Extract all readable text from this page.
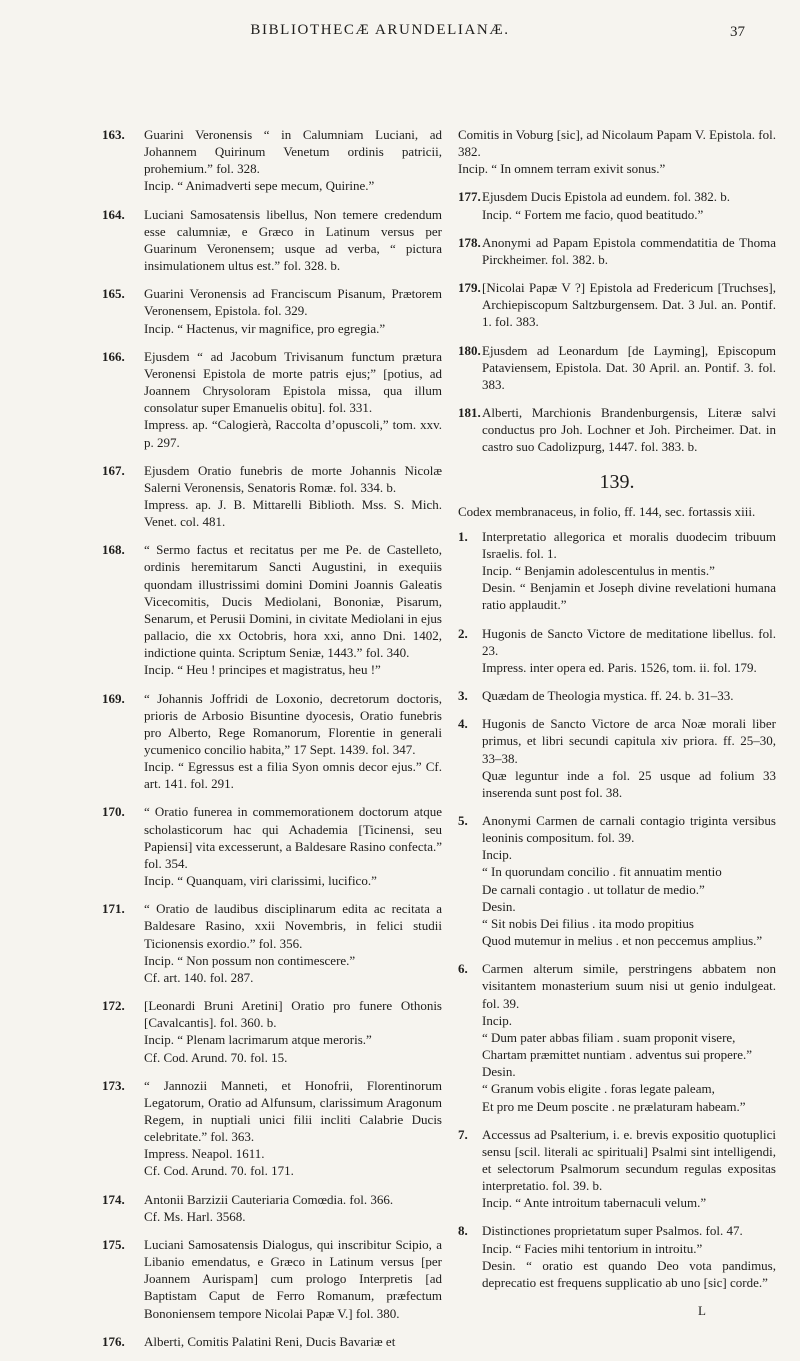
BIBLIOTHECÆ ARUNDELIANÆ.	37
163. Guarini Veronensis “ in Calumniam Luciani, ad Johannem Quirinum Venetum ordinis patricii, prohemium.” fol. 328.
Incip. “ Animadverti sepe mecum, Quirine.”
164. Luciani Samosatensis libellus, Non temere credendum esse calumniæ, e Græco in Latinum versus per Guarinum Veronensem; usque ad verba, “ pictura insimulationem ultus est.” fol. 328. b.
165. Guarini Veronensis ad Franciscum Pisanum, Prætorem Veronensem, Epistola. fol. 329.
Incip. “ Hactenus, vir magnifice, pro egregia.”
166. Ejusdem “ ad Jacobum Trivisanum functum prætura Veronensi Epistola de morte patris ejus;” [potius, ad Joannem Chrysoloram Epistola missa, qua illum consolatur super Emanuelis obitu]. fol. 331.
Impress. ap. “Calogierà, Raccolta d’opuscoli,” tom. xxv. p. 297.
167. Ejusdem Oratio funebris de morte Johannis Nicolæ Salerni Veronensis, Senatoris Romæ. fol. 334. b.
Impress. ap. J. B. Mittarelli Biblioth. Mss. S. Mich. Venet. col. 481.
168. “ Sermo factus et recitatus per me Pe. de Castelleto, ordinis heremitarum Sancti Augustini, in exequiis quondam illustrissimi domini Domini Joannis Galeatis Vicecomitis, Ducis Mediolani, Bononiæ, Pisarum, Senarum, et Perusii Domini, in civitate Mediolani in ejus pallacio, die xx Octobris, hora xxi, anno Dni. 1402, indictione quinta. Scriptum Seniæ, 1443.” fol. 340.
Incip. “ Heu ! principes et magistratus, heu !”
169. “ Johannis Joffridi de Loxonio, decretorum doctoris, prioris de Arbosio Bisuntine dyocesis, Oratio funebris pro Alberto, Rege Romanorum, Florentie in generali ycumenico concilio habita,” 17 Sept. 1439. fol. 347.
Incip. “ Egressus est a filia Syon omnis decor ejus.” Cf. art. 141. fol. 291.
170. “ Oratio funerea in commemorationem doctorum atque scholasticorum hac qui Achademia [Ticinensi, seu Papiensi] vita excesserunt, a Baldesare Rasino confecta.” fol. 354.
Incip. “ Quanquam, viri clarissimi, lucifico.”
171. “ Oratio de laudibus disciplinarum edita ac recitata a Baldesare Rasino, xxii Novembris, in felici studii Ticionensis exordio.” fol. 356.
Incip. “ Non possum non contimescere.”
Cf. art. 140. fol. 287.
172. [Leonardi Bruni Aretini] Oratio pro funere Othonis [Cavalcantis]. fol. 360. b.
Incip. “ Plenam lacrimarum atque meroris.”
Cf. Cod. Arund. 70. fol. 15.
173. “ Jannozii Manneti, et Honofrii, Florentinorum Legatorum, Oratio ad Alfunsum, clarissimum Aragonum Regem, in nuptiali unici filii incliti Calabrie Ducis celebritate.” fol. 363.
Impress. Neapol. 1611.
Cf. Cod. Arund. 70. fol. 171.
174. Antonii Barzizii Cauteriaria Comœdia. fol. 366.
Cf. Ms. Harl. 3568.
175. Luciani Samosatensis Dialogus, qui inscribitur Scipio, a Libanio emendatus, e Græco in Latinum versus [per Joannem Aurispam] cum prologo Interpretis [ad Baptistam Caput de Ferro Romanum, præfectum Bononiensem tempore Nicolai Papæ V.] fol. 380.
176. Alberti, Comitis Palatini Reni, Ducis Bavariæ et
Comitis in Voburg [sic], ad Nicolaum Papam V. Epistola. fol. 382.
Incip. “ In omnem terram exivit sonus.”
177. Ejusdem Ducis Epistola ad eundem. fol. 382. b.
Incip. “ Fortem me facio, quod beatitudo.”
178. Anonymi ad Papam Epistola commendatitia de Thoma Pirckheimer. fol. 382. b.
179. [Nicolai Papæ V ?] Epistola ad Fredericum [Truchses], Archiepiscopum Saltzburgensem. Dat. 3 Jul. an. Pontif. 1. fol. 383.
180. Ejusdem ad Leonardum [de Layming], Episcopum Pataviensem, Epistola. Dat. 30 April. an. Pontif. 3. fol. 383.
181. Alberti, Marchionis Brandenburgensis, Literæ salvi conductus pro Joh. Lochner et Joh. Pircheimer. Dat. in castro suo Cadolizpurg, 1447. fol. 383. b.
139.
Codex membranaceus, in folio, ff. 144, sec. fortassis xiii.
1. Interpretatio allegorica et moralis duodecim tribuum Israelis. fol. 1.
Incip. “ Benjamin adolescentulus in mentis.”
Desin. “ Benjamin et Joseph divine revelationi humana ratio applaudit.”
2. Hugonis de Sancto Victore de meditatione libellus. fol. 23.
Impress. inter opera ed. Paris. 1526, tom. ii. fol. 179.
3. Quædam de Theologia mystica. ff. 24. b. 31–33.
4. Hugonis de Sancto Victore de arca Noæ morali liber primus, et libri secundi capitula xiv priora. ff. 25–30, 33–38.
Quæ leguntur inde a fol. 25 usque ad folium 33 inserenda sunt post fol. 38.
5. Anonymi Carmen de carnali contagio triginta versibus leoninis compositum. fol. 39.
Incip.
“ In quorundam concilio . fit annuatim mentio
De carnali contagio . ut tollatur de medio.”
Desin.
“ Sit nobis Dei filius . ita modo propitius
Quod mutemur in melius . et non peccemus amplius.”
6. Carmen alterum simile, perstringens abbatem non visitantem monasterium suum nisi ut genio indulgeat. fol. 39.
Incip.
“ Dum pater abbas filiam . suam proponit visere,
Chartam præmittet nuntiam . adventus sui propere.”
Desin.
“ Granum vobis eligite . foras legate paleam,
Et pro me Deum poscite . ne prælaturam habeam.”
7. Accessus ad Psalterium, i. e. brevis expositio quotuplici sensu [scil. literali ac spirituali] Psalmi sint intelligendi, et selectorum Psalmorum secundum regulas expositas interpretatio. fol. 39. b.
Incip. “ Ante introitum tabernaculi velum.”
8. Distinctiones proprietatum super Psalmos. fol. 47.
Incip. “ Facies mihi tentorium in introitu.”
Desin. “ oratio est quando Deo vota pandimus, deprecatio est frequens supplicatio ab uno [sic] corde.”
L
